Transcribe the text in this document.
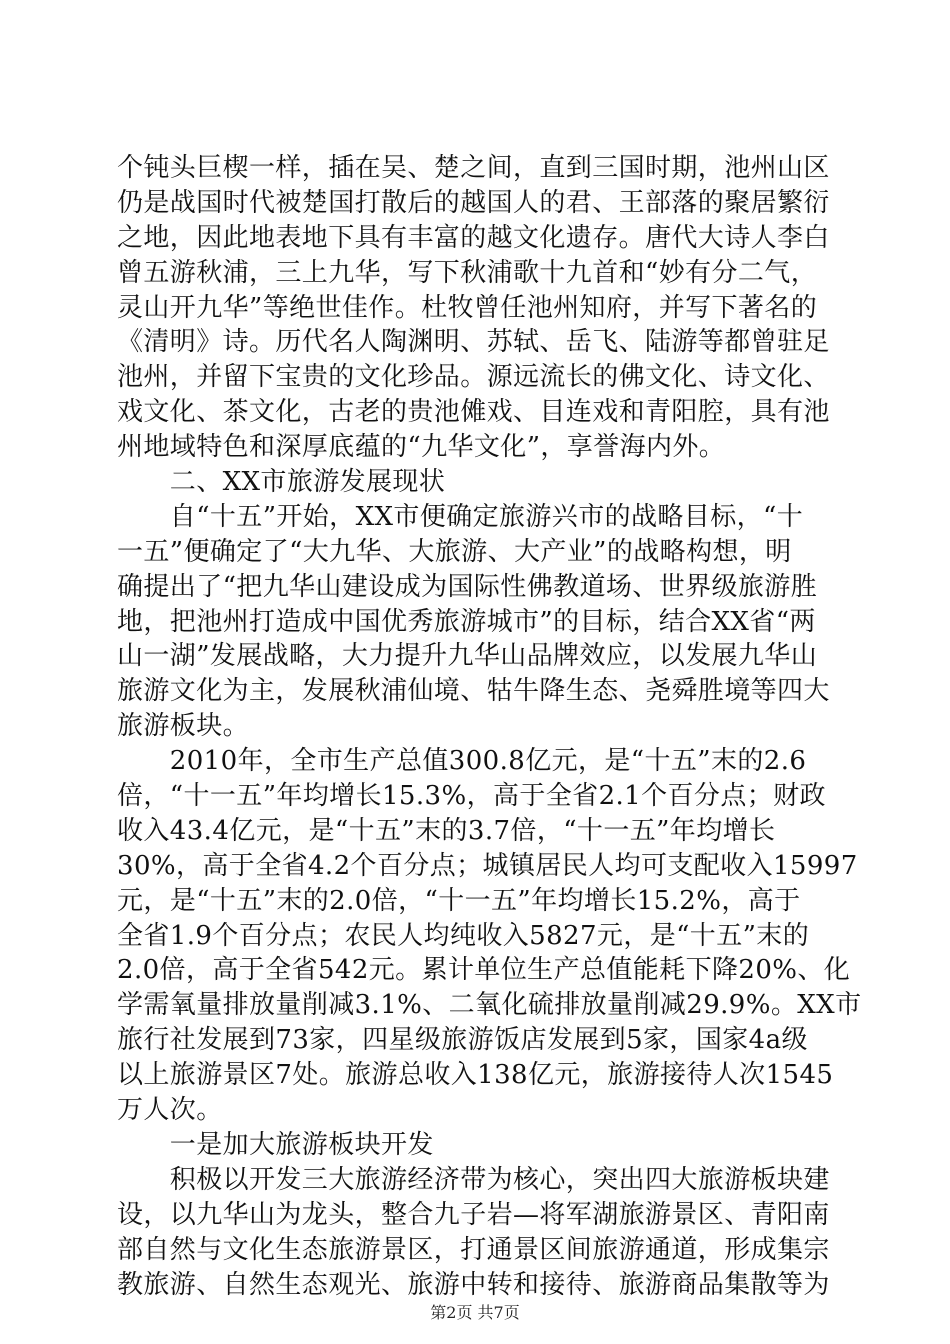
个钝头巨楔一样，插在吴、楚之间，直到三国时期，池州山区
仍是战国时代被楚国打散后的越国人的君、王部落的聚居繁衍
之地，因此地表地下具有丰富的越文化遗存。唐代大诗人李白
曾五游秋浦，三上九华，写下秋浦歌十九首和“妙有分二气，
灵山开九华”等绝世佳作。杜牧曾任池州知府，并写下著名的
《清明》诗。历代名人陶渊明、苏轼、岳飞、陆游等都曾驻足
池州，并留下宝贵的文化珍品。源远流长的佛文化、诗文化、
戏文化、茶文化，古老的贵池傩戏、目连戏和青阳腔，具有池
州地域特色和深厚底蕴的“九华文化”，享誉海内外。
　　二、XX市旅游发展现状
　　自“十五”开始，XX市便确定旅游兴市的战略目标，“十
一五”便确定了“大九华、大旅游、大产业”的战略构想，明
确提出了“把九华山建设成为国际性佛教道场、世界级旅游胜
地，把池州打造成中国优秀旅游城市”的目标，结合XX省“两
山一湖”发展战略，大力提升九华山品牌效应，以发展九华山
旅游文化为主，发展秋浦仙境、牯牛降生态、尧舜胜境等四大
旅游板块。
　　2010年，全市生产总值300.8亿元，是“十五”末的2.6
倍，“十一五”年均增长15.3%，高于全省2.1个百分点；财政
收入43.4亿元，是“十五”末的3.7倍，“十一五”年均增长
30%，高于全省4.2个百分点；城镇居民人均可支配收入15997
元，是“十五”末的2.0倍，“十一五”年均增长15.2%，高于
全省1.9个百分点；农民人均纯收入5827元，是“十五”末的
2.0倍，高于全省542元。累计单位生产总值能耗下降20%、化
学需氧量排放量削减3.1%、二氧化硫排放量削减29.9%。XX市
旅行社发展到73家，四星级旅游饭店发展到5家，国家4a级
以上旅游景区7处。旅游总收入138亿元，旅游接待人次1545
万人次。
　　一是加大旅游板块开发
　　积极以开发三大旅游经济带为核心，突出四大旅游板块建
设，以九华山为龙头，整合九子岩—将军湖旅游景区、青阳南
部自然与文化生态旅游景区，打通景区间旅游通道，形成集宗
教旅游、自然生态观光、旅游中转和接待、旅游商品集散等为
第2页 共7页
